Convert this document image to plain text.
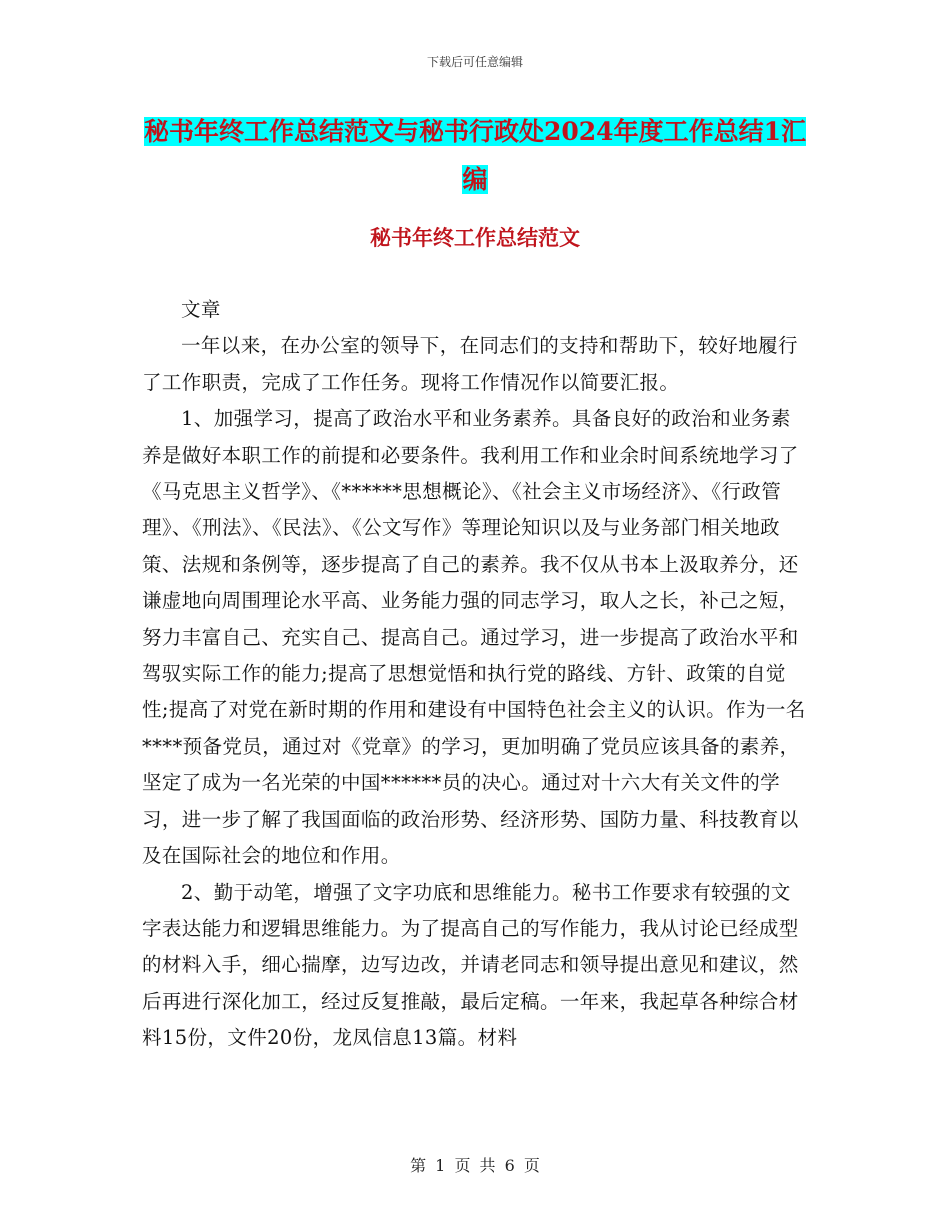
下载后可任意编辑
秘书年终工作总结范文与秘书行政处2024年度工作总结1汇编
秘书年终工作总结范文

文章

一年以来，在办公室的领导下，在同志们的支持和帮助下，较好地履行了工作职责，完成了工作任务。现将工作情况作以简要汇报。

1、加强学习，提高了政治水平和业务素养。具备良好的政治和业务素养是做好本职工作的前提和必要条件。我利用工作和业余时间系统地学习了《马克思主义哲学》、《******思想概论》、《社会主义市场经济》、《行政管理》、《刑法》、《民法》、《公文写作》等理论知识以及与业务部门相关地政策、法规和条例等，逐步提高了自己的素养。我不仅从书本上汲取养分，还谦虚地向周围理论水平高、业务能力强的同志学习，取人之长，补己之短，努力丰富自己、充实自己、提高自己。通过学习，进一步提高了政治水平和驾驭实际工作的能力;提高了思想觉悟和执行党的路线、方针、政策的自觉性;提高了对党在新时期的作用和建设有中国特色社会主义的认识。作为一名****预备党员，通过对《党章》的学习，更加明确了党员应该具备的素养，坚定了成为一名光荣的中国******员的决心。通过对十六大有关文件的学习，进一步了解了我国面临的政治形势、经济形势、国防力量、科技教育以及在国际社会的地位和作用。

2、勤于动笔，增强了文字功底和思维能力。秘书工作要求有较强的文字表达能力和逻辑思维能力。为了提高自己的写作能力，我从讨论已经成型的材料入手，细心揣摩，边写边改，并请老同志和领导提出意见和建议，然后再进行深化加工，经过反复推敲，最后定稿。一年来，我起草各种综合材料15份，文件20份，龙凤信息13篇。材料

第 1 页 共 6 页
